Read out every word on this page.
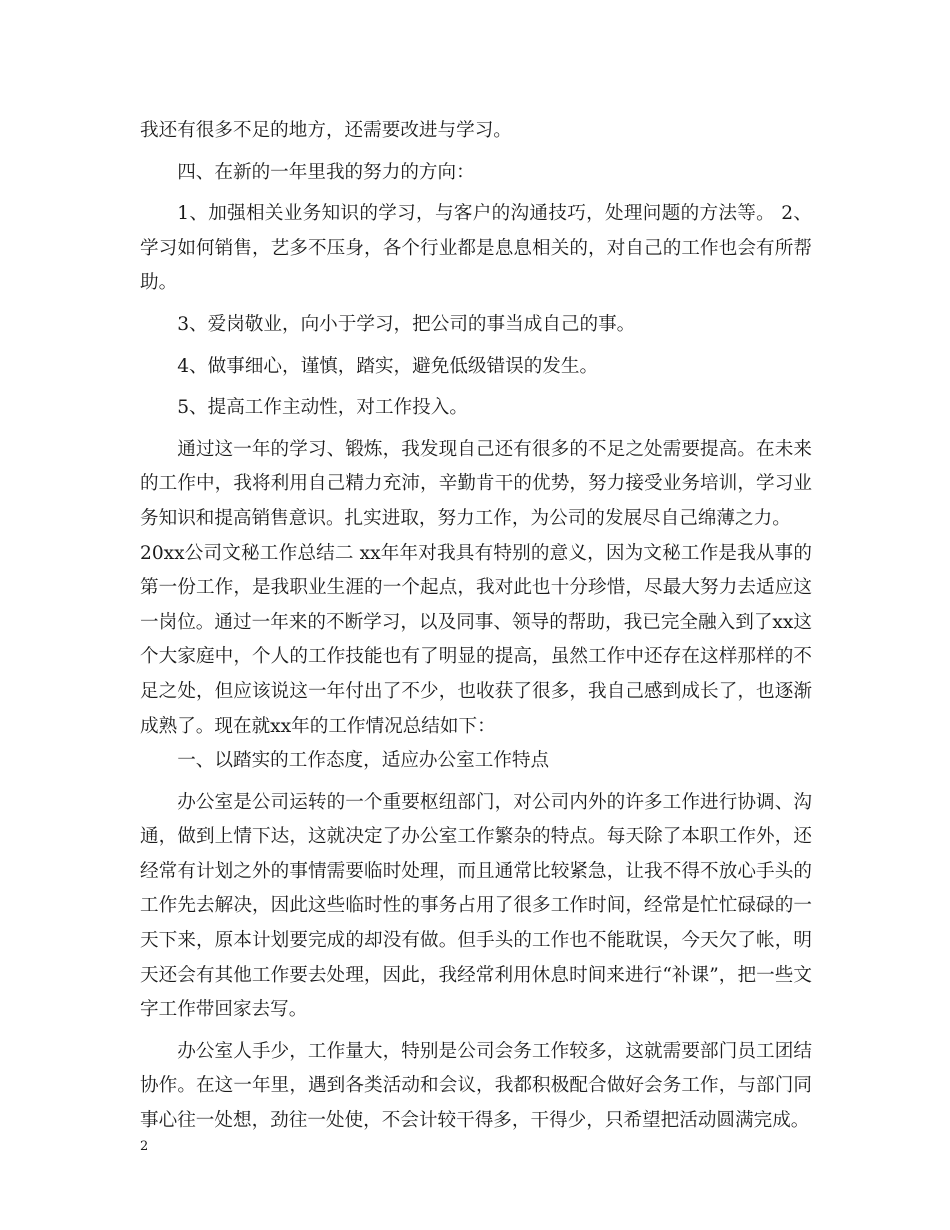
我还有很多不足的地方，还需要改进与学习。

四、在新的一年里我的努力的方向：

1、加强相关业务知识的学习，与客户的沟通技巧，处理问题的方法等。 2、学习如何销售，艺多不压身，各个行业都是息息相关的，对自己的工作也会有所帮助。

3、爱岗敬业，向小于学习，把公司的事当成自己的事。

4、做事细心，谨慎，踏实，避免低级错误的发生。

5、提高工作主动性，对工作投入。

通过这一年的学习、锻炼，我发现自己还有很多的不足之处需要提高。在未来的工作中，我将利用自己精力充沛，辛勤肯干的优势，努力接受业务培训，学习业务知识和提高销售意识。扎实进取，努力工作，为公司的发展尽自己绵薄之力。

20xx公司文秘工作总结二 xx年年对我具有特别的意义，因为文秘工作是我从事的第一份工作，是我职业生涯的一个起点，我对此也十分珍惜，尽最大努力去适应这一岗位。通过一年来的不断学习，以及同事、领导的帮助，我已完全融入到了xx这个大家庭中，个人的工作技能也有了明显的提高，虽然工作中还存在这样那样的不足之处，但应该说这一年付出了不少，也收获了很多，我自己感到成长了，也逐渐成熟了。现在就xx年的工作情况总结如下：

一、以踏实的工作态度，适应办公室工作特点

办公室是公司运转的一个重要枢纽部门，对公司内外的许多工作进行协调、沟通，做到上情下达，这就决定了办公室工作繁杂的特点。每天除了本职工作外，还经常有计划之外的事情需要临时处理，而且通常比较紧急，让我不得不放心手头的工作先去解决，因此这些临时性的事务占用了很多工作时间，经常是忙忙碌碌的一天下来，原本计划要完成的却没有做。但手头的工作也不能耽误，今天欠了帐，明天还会有其他工作要去处理，因此，我经常利用休息时间来进行“补课”，把一些文字工作带回家去写。

办公室人手少，工作量大，特别是公司会务工作较多，这就需要部门员工团结协作。在这一年里，遇到各类活动和会议，我都积极配合做好会务工作，与部门同事心往一处想，劲往一处使，不会计较干得多，干得少，只希望把活动圆满完成。

2
